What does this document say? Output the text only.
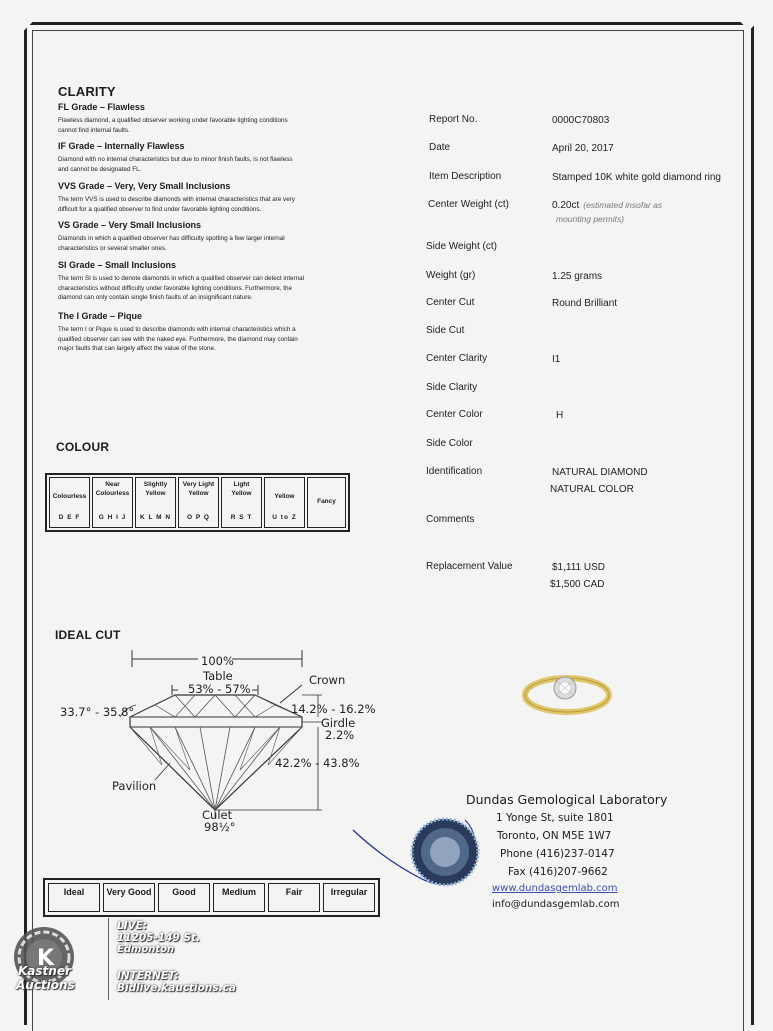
CLARITY
FL Grade – Flawless
Flawless diamond, a qualified observer working under favorable lighting conditions
cannot find internal faults.
IF Grade – Internally Flawless
Diamond with no internal characteristics but due to minor finish faults, is not flawless
and cannot be designated FL.
VVS Grade – Very, Very Small Inclusions
The term VVS is used to describe diamonds with internal characteristics that are very
difficult for a qualified observer to find under favorable lighting conditions.
VS Grade – Very Small Inclusions
Diamonds in which a qualified observer has difficulty spotting a few larger internal
characteristics or several smaller ones.
SI Grade – Small Inclusions
The term SI is used to denote diamonds in which a qualified observer can detect internal
characteristics without difficulty under favorable lighting conditions. Furthermore, the
diamond can only contain single finish faults of an insignificant nature.
The I Grade – Pique
The term I or Pique is used to describe diamonds with internal characteristics which a
qualified observer can see with the naked eye. Furthermore, the diamond may contain
major faults that can largely affect the value of the stone.
COLOUR
Colourless
D E F

Near Colourless
G H I J

Slightly Yellow
K L M N

Very Light Yellow
O P Q

Light Yellow
R S T

Yellow
U to Z
	Fancy
IDEAL CUT
100%
Table
53% - 57%
Crown
33.7° - 35.8°	14.2% - 16.2%
Girdle
2.2%
42.2% - 43.8%
Pavilion
Culet
98½°
Ideal	Very Good	Good	Medium	Fair	Irregular
Report No.	0000C70803
Date	April 20, 2017
Item Description	Stamped 10K white gold diamond ring
Center Weight (ct)	0.20ct (estimated insofar as
mounting permits)
Side Weight (ct)
Weight (gr)	1.25 grams
Center Cut	Round Brilliant
Side Cut
Center Clarity	I1
Side Clarity
Center Color	H
Side Color
Identification	NATURAL DIAMOND
NATURAL COLOR
Comments
Replacement Value	$1,111 USD
$1,500 CAD
Dundas Gemological Laboratory
1 Yonge St, suite 1801
Toronto, ON M5E 1W7
Phone (416)237-0147
Fax (416)207-9662
www.dundasgemlab.com
info@dundasgemlab.com
K
Kastner
Auctions
LIVE:
11205-149 St.
Edmonton
INTERNET:
Bidlive.kauctions.ca
